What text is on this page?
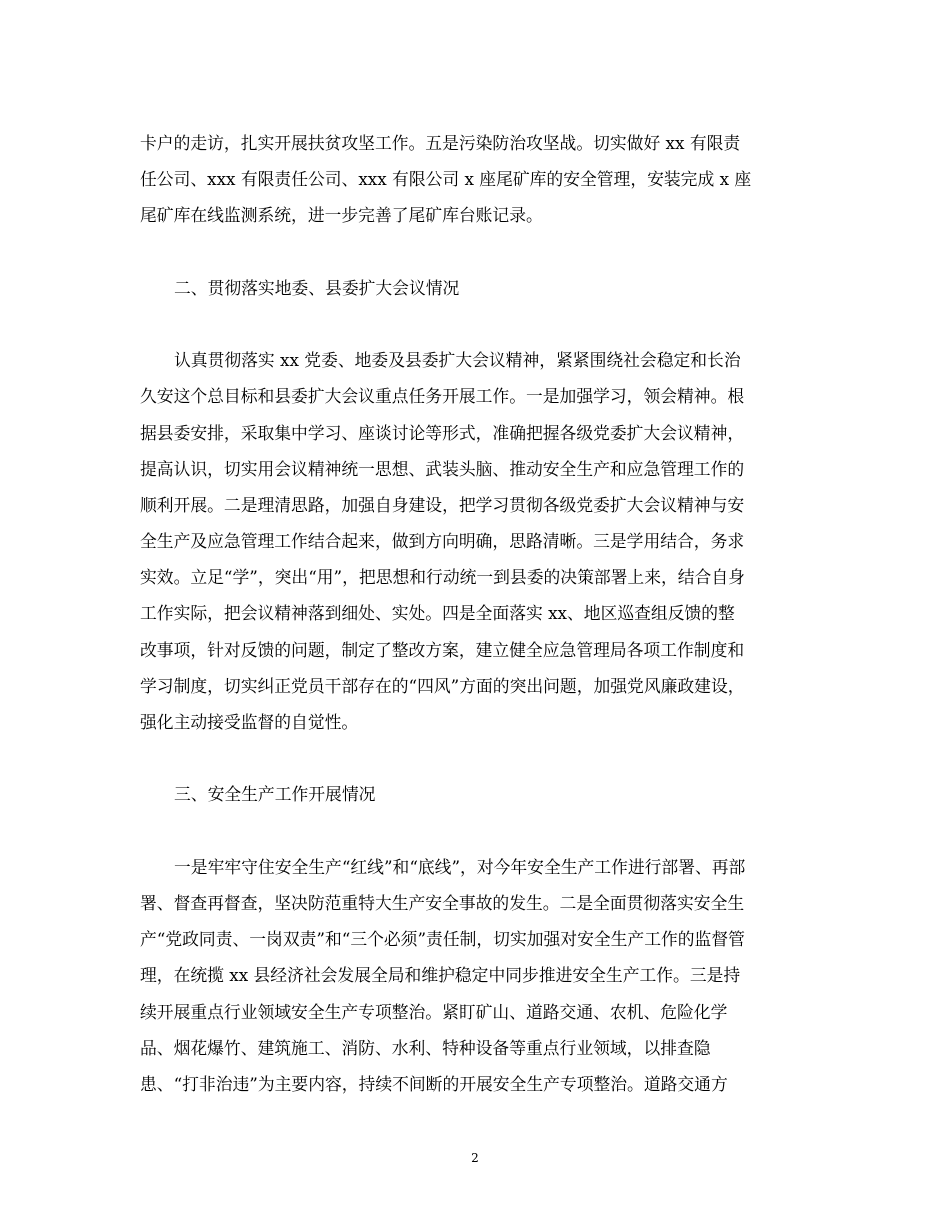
卡户的走访，扎实开展扶贫攻坚工作。五是污染防治攻坚战。切实做好 xx 有限责
任公司、xxx 有限责任公司、xxx 有限公司 x 座尾矿库的安全管理，安装完成 x 座
尾矿库在线监测系统，进一步完善了尾矿库台账记录。
二、贯彻落实地委、县委扩大会议情况
认真贯彻落实 xx 党委、地委及县委扩大会议精神，紧紧围绕社会稳定和长治
久安这个总目标和县委扩大会议重点任务开展工作。一是加强学习，领会精神。根
据县委安排，采取集中学习、座谈讨论等形式，准确把握各级党委扩大会议精神，
提高认识，切实用会议精神统一思想、武装头脑、推动安全生产和应急管理工作的
顺利开展。二是理清思路，加强自身建设，把学习贯彻各级党委扩大会议精神与安
全生产及应急管理工作结合起来，做到方向明确，思路清晰。三是学用结合，务求
实效。立足“学”，突出“用”，把思想和行动统一到县委的决策部署上来，结合自身
工作实际，把会议精神落到细处、实处。四是全面落实 xx、地区巡查组反馈的整
改事项，针对反馈的问题，制定了整改方案，建立健全应急管理局各项工作制度和
学习制度，切实纠正党员干部存在的“四风”方面的突出问题，加强党风廉政建设，
强化主动接受监督的自觉性。
三、安全生产工作开展情况
一是牢牢守住安全生产“红线”和“底线”，对今年安全生产工作进行部署、再部
署、督查再督查，坚决防范重特大生产安全事故的发生。二是全面贯彻落实安全生
产“党政同责、一岗双责”和“三个必须”责任制，切实加强对安全生产工作的监督管
理，在统揽 xx 县经济社会发展全局和维护稳定中同步推进安全生产工作。三是持
续开展重点行业领域安全生产专项整治。紧盯矿山、道路交通、农机、危险化学
品、烟花爆竹、建筑施工、消防、水利、特种设备等重点行业领域，以排查隐
患、“打非治违”为主要内容，持续不间断的开展安全生产专项整治。道路交通方
2
